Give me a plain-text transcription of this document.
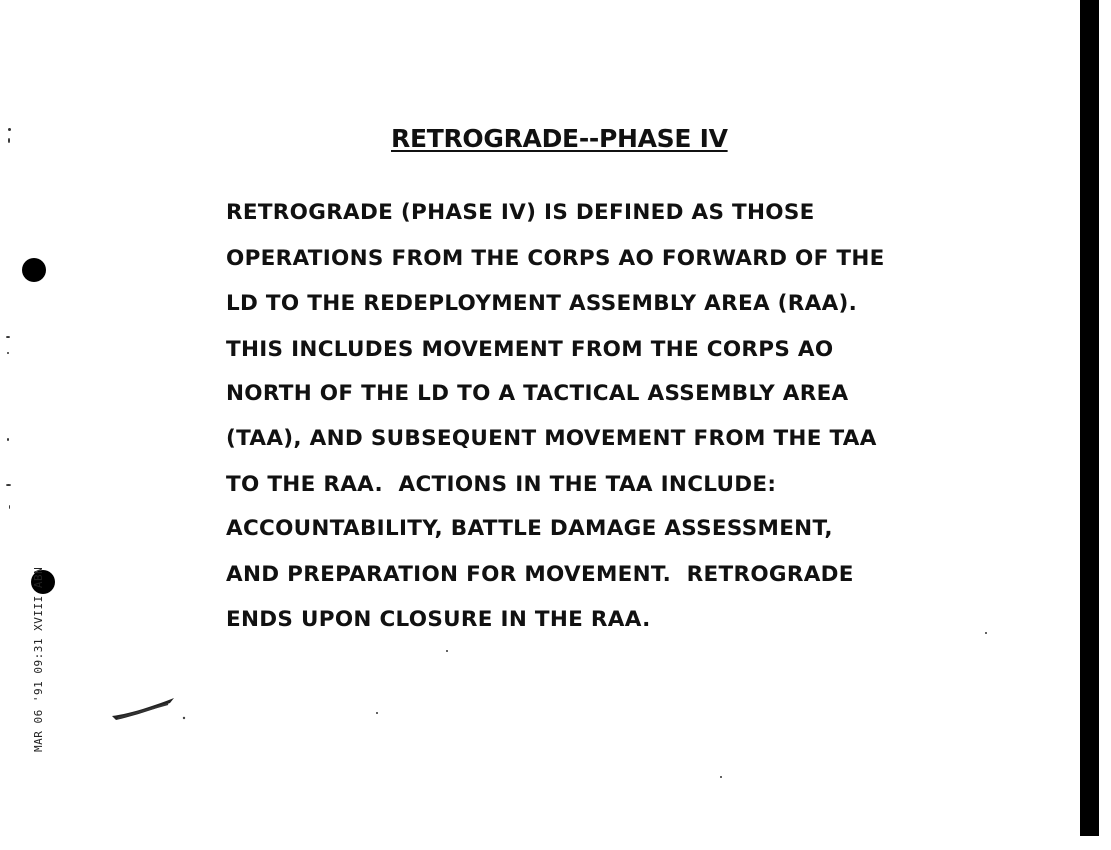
RETROGRADE--PHASE IV
RETROGRADE (PHASE IV) IS DEFINED AS THOSE
OPERATIONS FROM THE CORPS AO FORWARD OF THE
LD TO THE REDEPLOYMENT ASSEMBLY AREA (RAA).
THIS INCLUDES MOVEMENT FROM THE CORPS AO
NORTH OF THE LD TO A TACTICAL ASSEMBLY AREA
(TAA), AND SUBSEQUENT MOVEMENT FROM THE TAA
TO THE RAA.  ACTIONS IN THE TAA INCLUDE:
ACCOUNTABILITY, BATTLE DAMAGE ASSESSMENT,
AND PREPARATION FOR MOVEMENT.  RETROGRADE
ENDS UPON CLOSURE IN THE RAA.
MAR 06 '91 09:31 XVIII ABN
